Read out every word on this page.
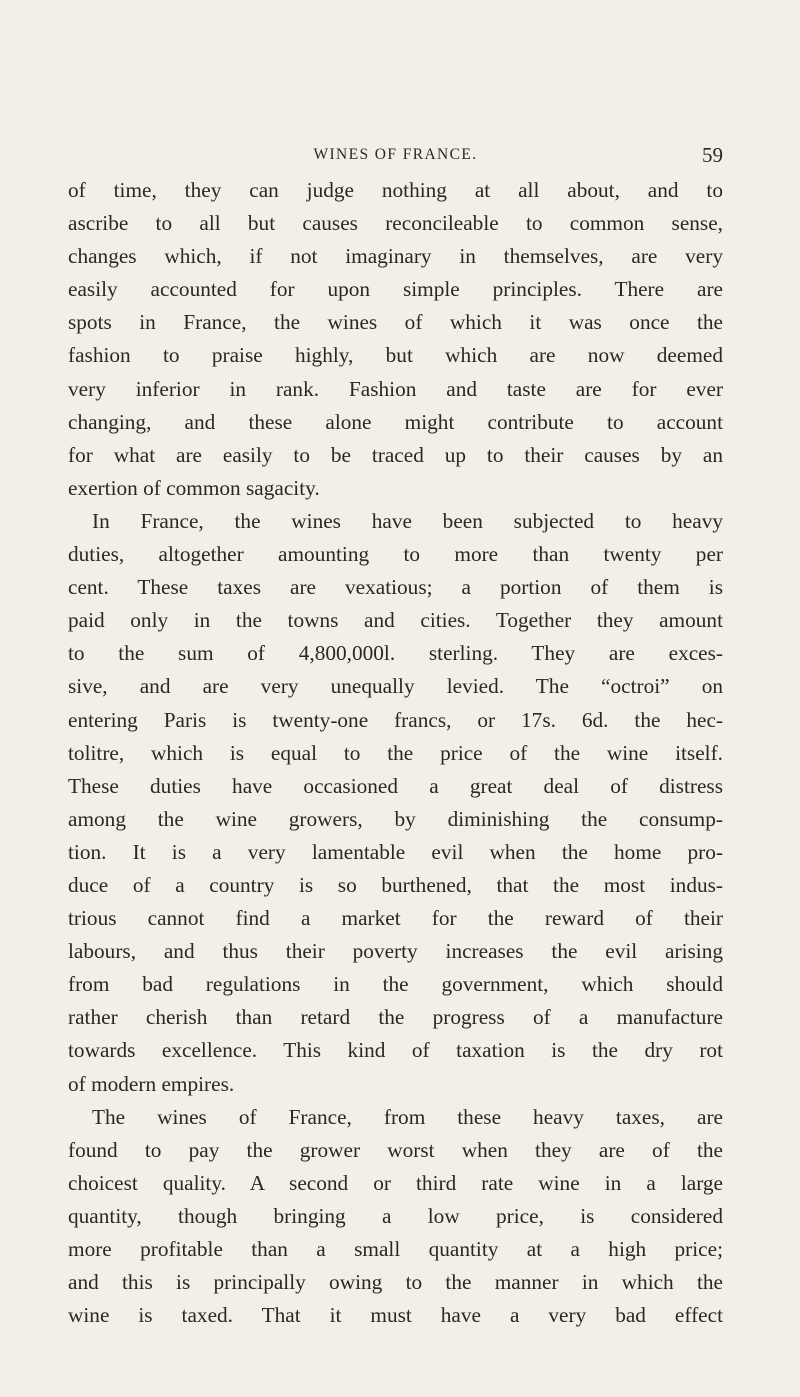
WINES OF FRANCE.	59
of time, they can judge nothing at all about, and to
ascribe to all but causes reconcileable to common sense,
changes which, if not imaginary in themselves, are very
easily accounted for upon simple principles. There are
spots in France, the wines of which it was once the
fashion to praise highly, but which are now deemed
very inferior in rank. Fashion and taste are for ever
changing, and these alone might contribute to account
for what are easily to be traced up to their causes by an
exertion of common sagacity.
In France, the wines have been subjected to heavy
duties, altogether amounting to more than twenty per
cent. These taxes are vexatious; a portion of them is
paid only in the towns and cities. Together they amount
to the sum of 4,800,000l. sterling. They are exces-
sive, and are very unequally levied. The “octroi” on
entering Paris is twenty-one francs, or 17s. 6d. the hec-
tolitre, which is equal to the price of the wine itself.
These duties have occasioned a great deal of distress
among the wine growers, by diminishing the consump-
tion. It is a very lamentable evil when the home pro-
duce of a country is so burthened, that the most indus-
trious cannot find a market for the reward of their
labours, and thus their poverty increases the evil arising
from bad regulations in the government, which should
rather cherish than retard the progress of a manufacture
towards excellence. This kind of taxation is the dry rot
of modern empires.
The wines of France, from these heavy taxes, are
found to pay the grower worst when they are of the
choicest quality. A second or third rate wine in a large
quantity, though bringing a low price, is considered
more profitable than a small quantity at a high price;
and this is principally owing to the manner in which the
wine is taxed. That it must have a very bad effect
